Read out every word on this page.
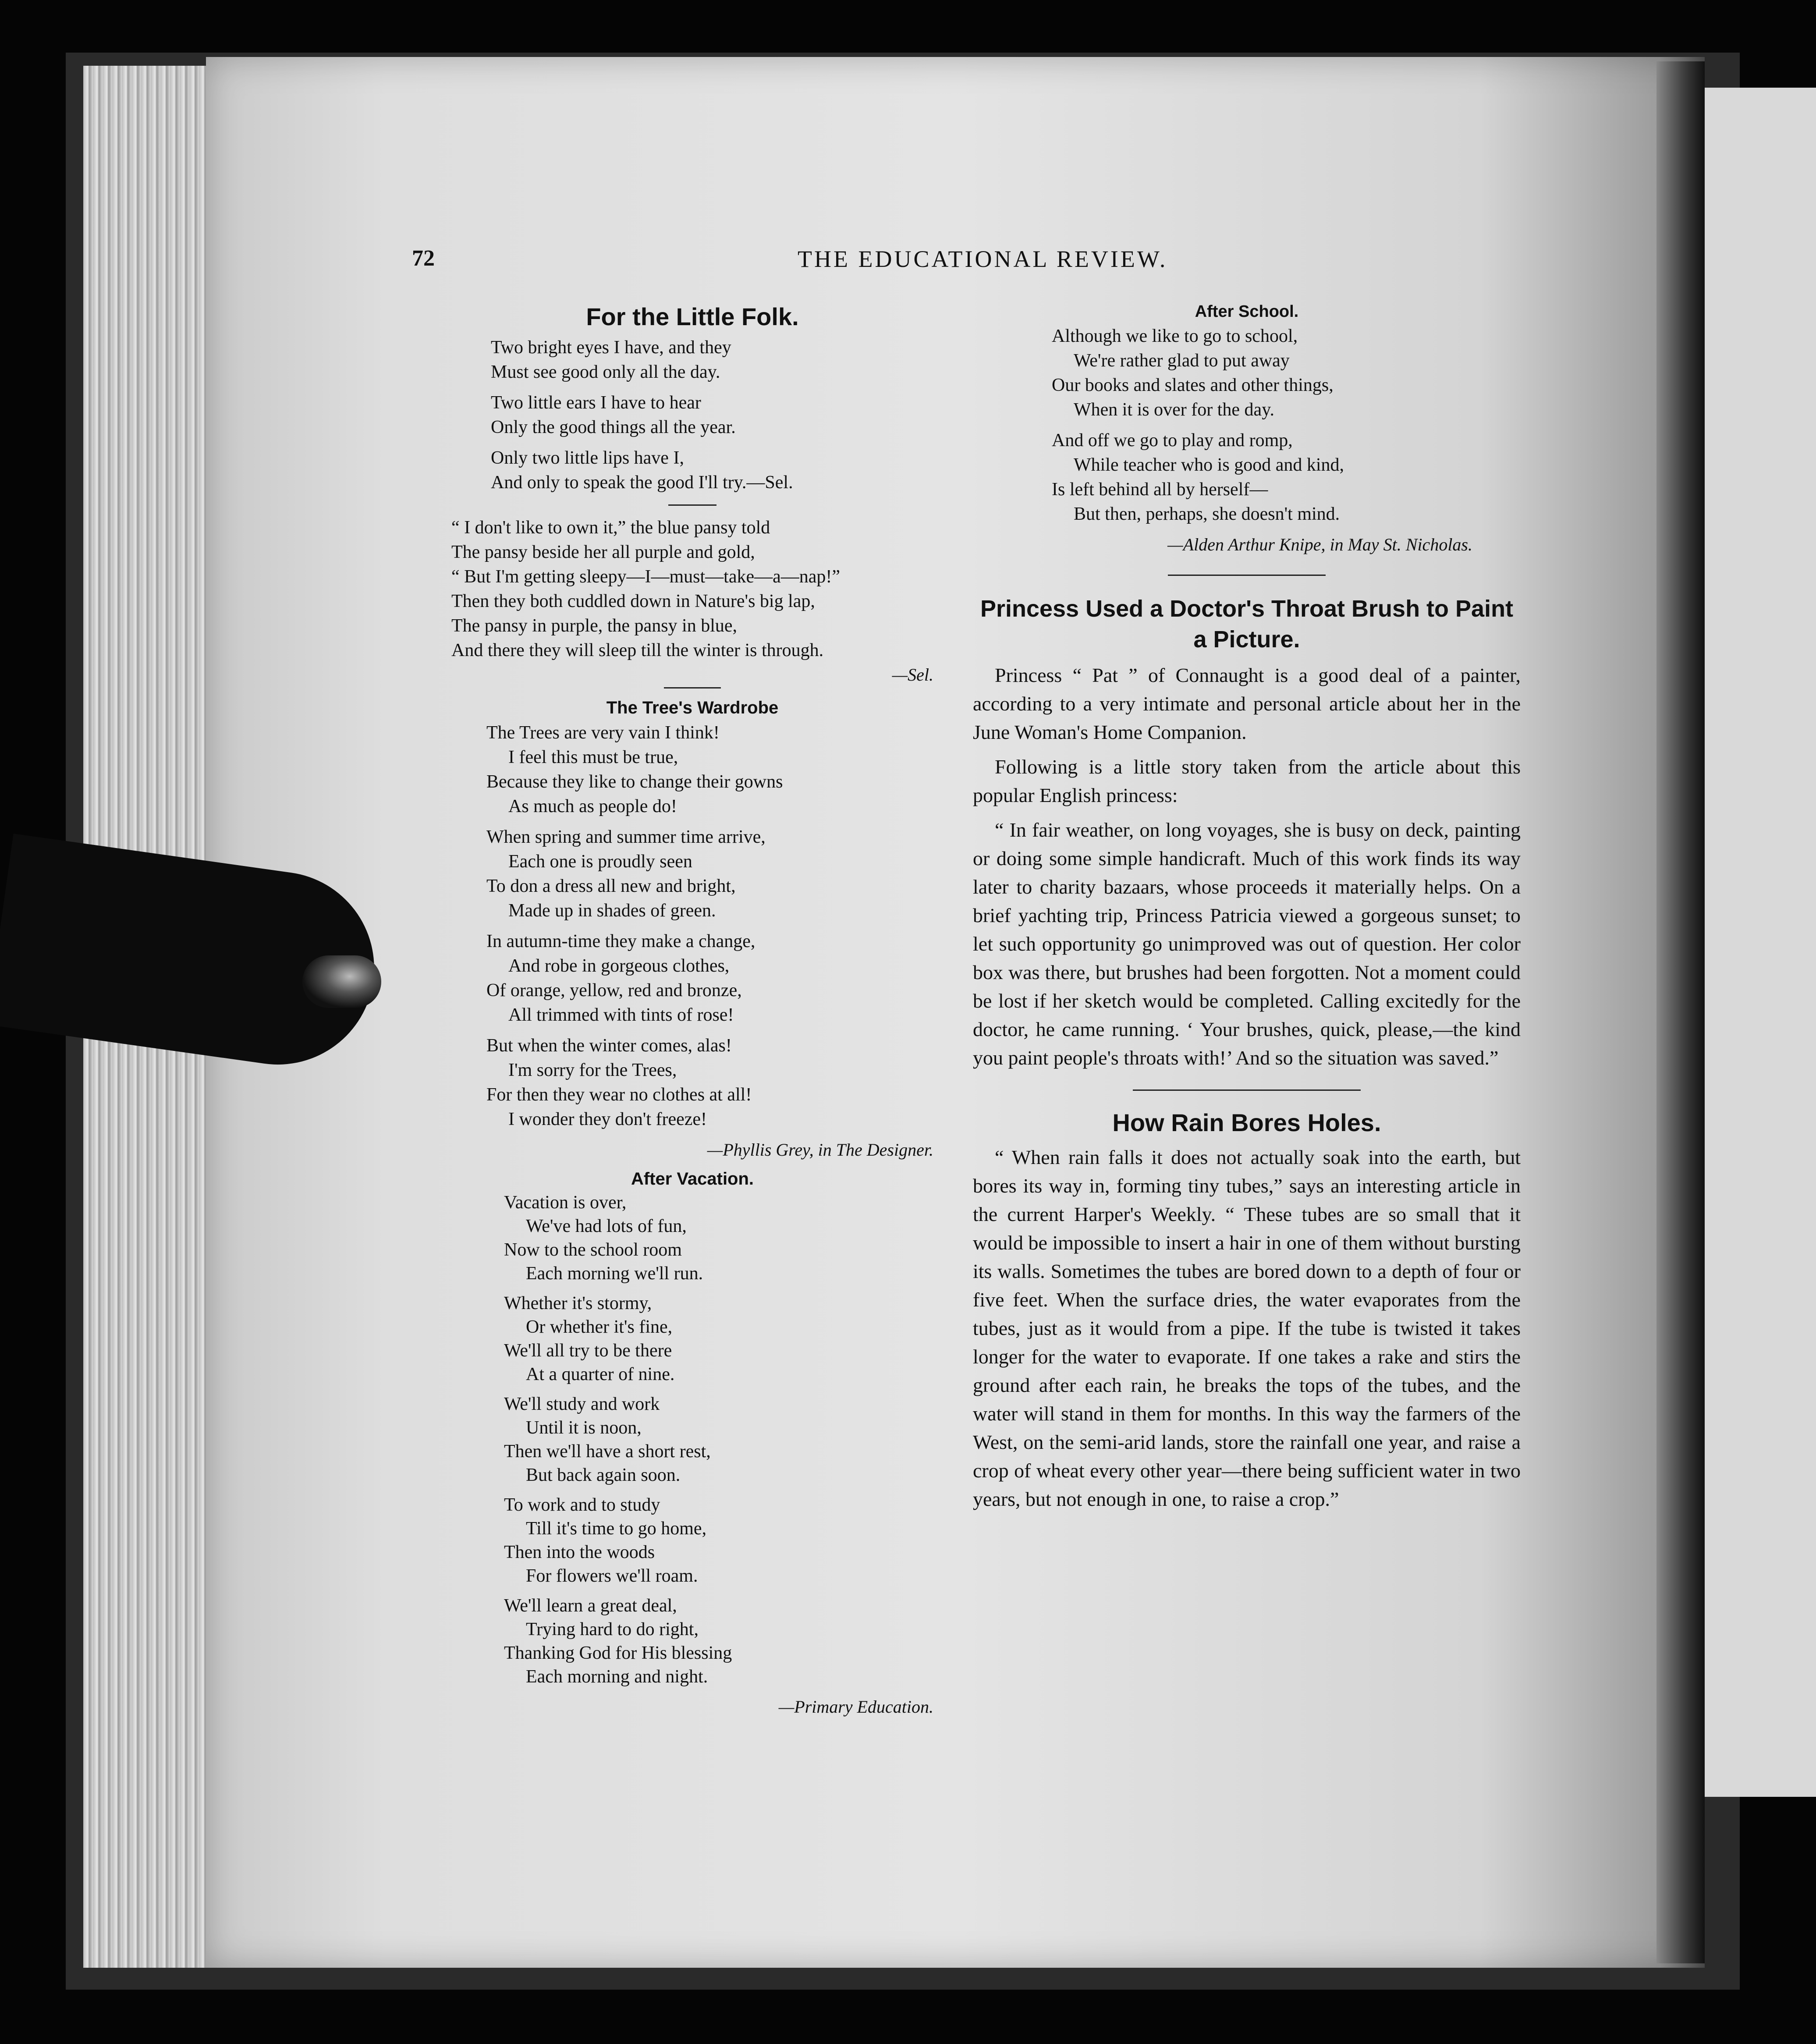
72	THE EDUCATIONAL REVIEW.
For the Little Folk.
Two bright eyes I have, and they
Must see good only all the day.
Two little ears I have to hear
Only the good things all the year.
Only two little lips have I,
And only to speak the good I'll try.—Sel.
“ I don't like to own it,” the blue pansy told
The pansy beside her all purple and gold,
“ But I'm getting sleepy—I—must—take—a—nap!”
Then they both cuddled down in Nature's big lap,
The pansy in purple, the pansy in blue,
And there they will sleep till the winter is through.
—Sel.
The Tree's Wardrobe
The Trees are very vain I think!
I feel this must be true,
Because they like to change their gowns
As much as people do!
When spring and summer time arrive,
Each one is proudly seen
To don a dress all new and bright,
Made up in shades of green.
In autumn-time they make a change,
And robe in gorgeous clothes,
Of orange, yellow, red and bronze,
All trimmed with tints of rose!
But when the winter comes, alas!
I'm sorry for the Trees,
For then they wear no clothes at all!
I wonder they don't freeze!
—Phyllis Grey, in The Designer.
After Vacation.
Vacation is over,
We've had lots of fun,
Now to the school room
Each morning we'll run.
Whether it's stormy,
Or whether it's fine,
We'll all try to be there
At a quarter of nine.
We'll study and work
Until it is noon,
Then we'll have a short rest,
But back again soon.
To work and to study
Till it's time to go home,
Then into the woods
For flowers we'll roam.
We'll learn a great deal,
Trying hard to do right,
Thanking God for His blessing
Each morning and night.
—Primary Education.
After School.
Although we like to go to school,
We're rather glad to put away
Our books and slates and other things,
When it is over for the day.
And off we go to play and romp,
While teacher who is good and kind,
Is left behind all by herself—
But then, perhaps, she doesn't mind.
—Alden Arthur Knipe, in May St. Nicholas.
Princess Used a Doctor's Throat Brush to Paint a Picture.

Princess “ Pat ” of Connaught is a good deal of a painter, according to a very intimate and personal article about her in the June Woman's Home Companion.

Following is a little story taken from the article about this popular English princess:

“ In fair weather, on long voyages, she is busy on deck, painting or doing some simple handicraft. Much of this work finds its way later to charity bazaars, whose proceeds it materially helps. On a brief yachting trip, Princess Patricia viewed a gorgeous sunset; to let such opportunity go unimproved was out of question. Her color box was there, but brushes had been forgotten. Not a moment could be lost if her sketch would be completed. Calling excitedly for the doctor, he came running. ‘ Your brushes, quick, please,—the kind you paint people's throats with!’ And so the situation was saved.”

How Rain Bores Holes.

“ When rain falls it does not actually soak into the earth, but bores its way in, forming tiny tubes,” says an interesting article in the current Harper's Weekly. “ These tubes are so small that it would be impossible to insert a hair in one of them without bursting its walls. Sometimes the tubes are bored down to a depth of four or five feet. When the surface dries, the water evaporates from the tubes, just as it would from a pipe. If the tube is twisted it takes longer for the water to evaporate. If one takes a rake and stirs the ground after each rain, he breaks the tops of the tubes, and the water will stand in them for months. In this way the farmers of the West, on the semi-arid lands, store the rainfall one year, and raise a crop of wheat every other year—there being sufficient water in two years, but not enough in one, to raise a crop.”
